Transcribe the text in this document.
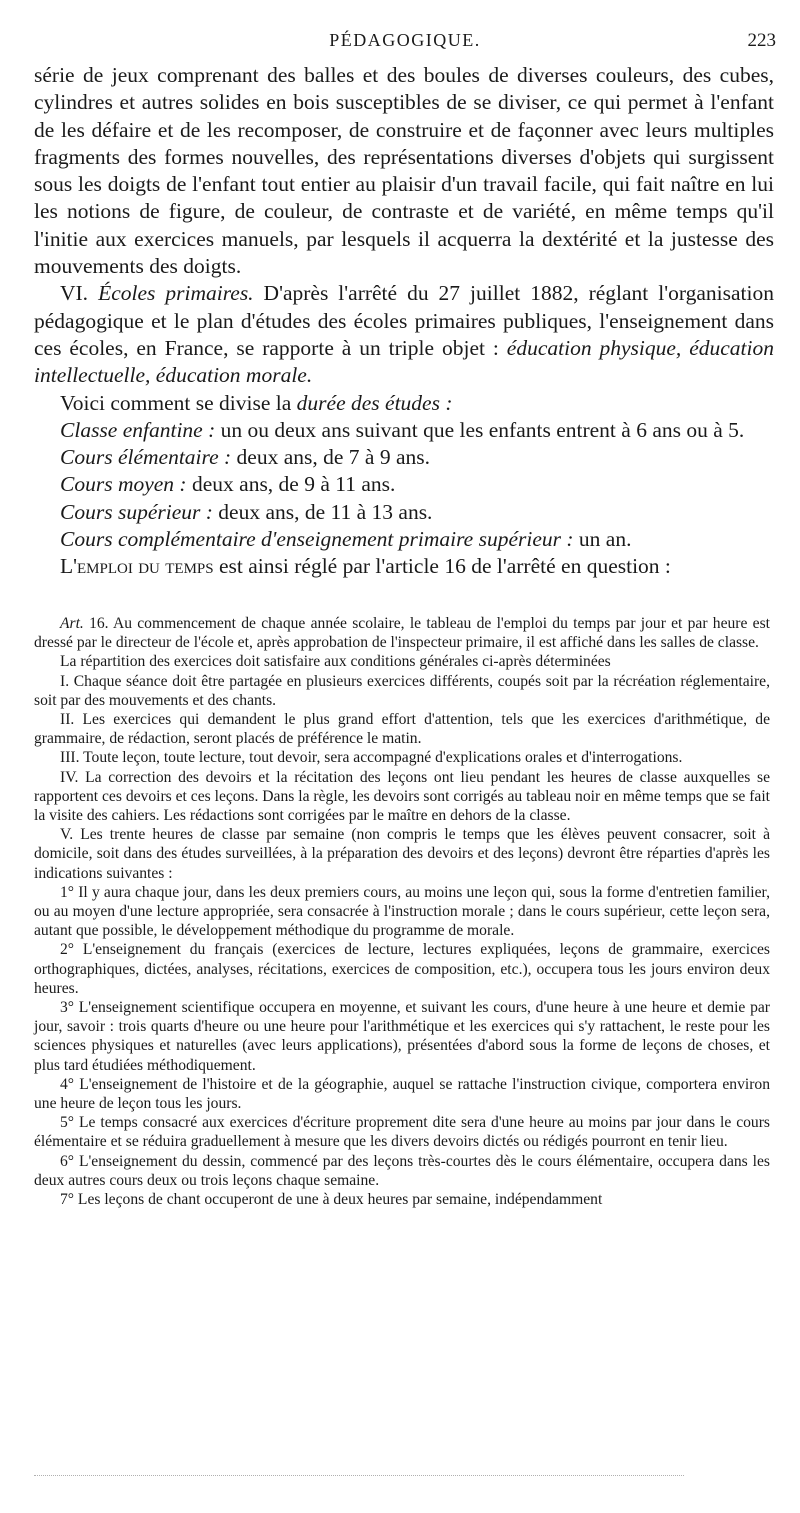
PÉDAGOGIQUE.	223

série de jeux comprenant des balles et des boules de diverses couleurs, des cubes, cylindres et autres solides en bois susceptibles de se diviser, ce qui permet à l'enfant de les défaire et de les recomposer, de construire et de façonner avec leurs multiples fragments des formes nouvelles, des représentations diverses d'objets qui surgissent sous les doigts de l'enfant tout entier au plaisir d'un travail facile, qui fait naître en lui les notions de figure, de couleur, de contraste et de variété, en même temps qu'il l'initie aux exercices manuels, par lesquels il acquerra la dextérité et la justesse des mouvements des doigts.

VI. Écoles primaires. D'après l'arrêté du 27 juillet 1882, réglant l'organisation pédagogique et le plan d'études des écoles primaires publiques, l'enseignement dans ces écoles, en France, se rapporte à un triple objet : éducation physique, éducation intellectuelle, éducation morale.

Voici comment se divise la durée des études :

Classe enfantine : un ou deux ans suivant que les enfants entrent à 6 ans ou à 5.

Cours élémentaire : deux ans, de 7 à 9 ans.

Cours moyen : deux ans, de 9 à 11 ans.

Cours supérieur : deux ans, de 11 à 13 ans.

Cours complémentaire d'enseignement primaire supérieur : un an.

L'emploi du temps est ainsi réglé par l'article 16 de l'arrêté en question :

Art. 16. Au commencement de chaque année scolaire, le tableau de l'emploi du temps par jour et par heure est dressé par le directeur de l'école et, après approbation de l'inspecteur primaire, il est affiché dans les salles de classe.

La répartition des exercices doit satisfaire aux conditions générales ci-après déterminées

I. Chaque séance doit être partagée en plusieurs exercices différents, coupés soit par la récréation réglementaire, soit par des mouvements et des chants.

II. Les exercices qui demandent le plus grand effort d'attention, tels que les exercices d'arithmétique, de grammaire, de rédaction, seront placés de préférence le matin.

III. Toute leçon, toute lecture, tout devoir, sera accompagné d'explications orales et d'interrogations.

IV. La correction des devoirs et la récitation des leçons ont lieu pendant les heures de classe auxquelles se rapportent ces devoirs et ces leçons. Dans la règle, les devoirs sont corrigés au tableau noir en même temps que se fait la visite des cahiers. Les rédactions sont corrigées par le maître en dehors de la classe.

V. Les trente heures de classe par semaine (non compris le temps que les élèves peuvent consacrer, soit à domicile, soit dans des études surveillées, à la préparation des devoirs et des leçons) devront être réparties d'après les indications suivantes :

1° Il y aura chaque jour, dans les deux premiers cours, au moins une leçon qui, sous la forme d'entretien familier, ou au moyen d'une lecture appropriée, sera consacrée à l'instruction morale ; dans le cours supérieur, cette leçon sera, autant que possible, le développement méthodique du programme de morale.

2° L'enseignement du français (exercices de lecture, lectures expliquées, leçons de grammaire, exercices orthographiques, dictées, analyses, récitations, exercices de composition, etc.), occupera tous les jours environ deux heures.

3° L'enseignement scientifique occupera en moyenne, et suivant les cours, d'une heure à une heure et demie par jour, savoir : trois quarts d'heure ou une heure pour l'arithmétique et les exercices qui s'y rattachent, le reste pour les sciences physiques et naturelles (avec leurs applications), présentées d'abord sous la forme de leçons de choses, et plus tard étudiées méthodiquement.

4° L'enseignement de l'histoire et de la géographie, auquel se rattache l'instruction civique, comportera environ une heure de leçon tous les jours.

5° Le temps consacré aux exercices d'écriture proprement dite sera d'une heure au moins par jour dans le cours élémentaire et se réduira graduellement à mesure que les divers devoirs dictés ou rédigés pourront en tenir lieu.

6° L'enseignement du dessin, commencé par des leçons très-courtes dès le cours élémentaire, occupera dans les deux autres cours deux ou trois leçons chaque semaine.

7° Les leçons de chant occuperont de une à deux heures par semaine, indépendamment
